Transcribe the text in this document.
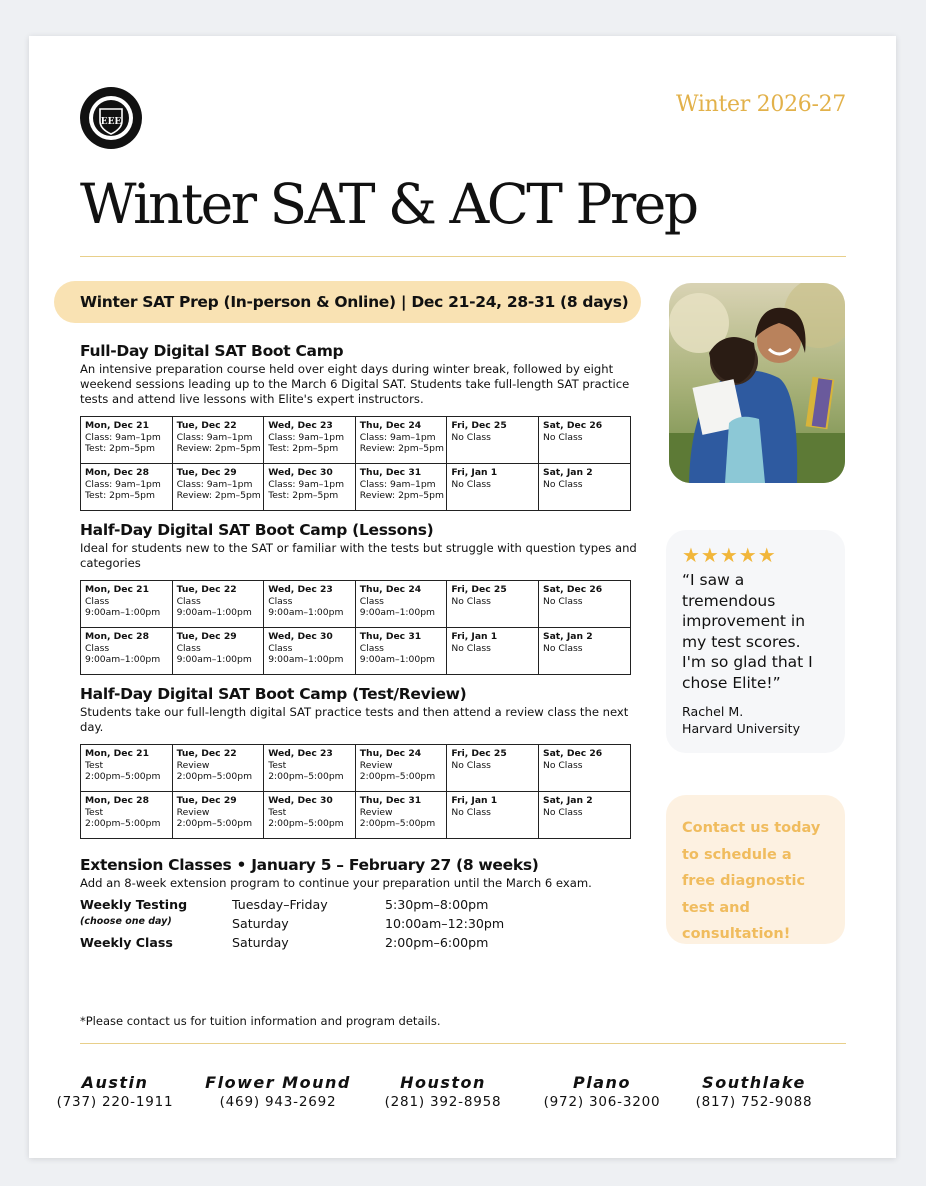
EEE
Winter 2026-27
Winter SAT & ACT Prep
Winter SAT Prep (In-person & Online) | Dec 21-24, 28-31 (8 days)
Full-Day Digital SAT Boot Camp
An intensive preparation course held over eight days during winter break, followed by eight weekend sessions leading up to the March 6 Digital SAT. Students take full-length SAT practice tests and attend live lessons with Elite's expert instructors.
Mon, Dec 21
Class: 9am–1pm
Test: 2pm–5pm	Tue, Dec 22
Class: 9am–1pm
Review: 2pm–5pm	Wed, Dec 23
Class: 9am–1pm
Test: 2pm–5pm	Thu, Dec 24
Class: 9am–1pm
Review: 2pm–5pm	Fri, Dec 25
No Class	Sat, Dec 26
No Class

Mon, Dec 28
Class: 9am–1pm
Test: 2pm–5pm	Tue, Dec 29
Class: 9am–1pm
Review: 2pm–5pm	Wed, Dec 30
Class: 9am–1pm
Test: 2pm–5pm	Thu, Dec 31
Class: 9am–1pm
Review: 2pm–5pm	Fri, Jan 1
No Class	Sat, Jan 2
No Class
Half-Day Digital SAT Boot Camp (Lessons)
Ideal for students new to the SAT or familiar with the tests but struggle with question types and categories
Mon, Dec 21
Class
9:00am–1:00pm	Tue, Dec 22
Class
9:00am–1:00pm	Wed, Dec 23
Class
9:00am–1:00pm	Thu, Dec 24
Class
9:00am–1:00pm	Fri, Dec 25
No Class	Sat, Dec 26
No Class

Mon, Dec 28
Class
9:00am–1:00pm	Tue, Dec 29
Class
9:00am–1:00pm	Wed, Dec 30
Class
9:00am–1:00pm	Thu, Dec 31
Class
9:00am–1:00pm	Fri, Jan 1
No Class	Sat, Jan 2
No Class
Half-Day Digital SAT Boot Camp (Test/Review)
Students take our full-length digital SAT practice tests and then attend a review class the next day.
Mon, Dec 21
Test
2:00pm–5:00pm	Tue, Dec 22
Review
2:00pm–5:00pm	Wed, Dec 23
Test
2:00pm–5:00pm	Thu, Dec 24
Review
2:00pm–5:00pm	Fri, Dec 25
No Class	Sat, Dec 26
No Class

Mon, Dec 28
Test
2:00pm–5:00pm	Tue, Dec 29
Review
2:00pm–5:00pm	Wed, Dec 30
Test
2:00pm–5:00pm	Thu, Dec 31
Review
2:00pm–5:00pm	Fri, Jan 1
No Class	Sat, Jan 2
No Class
Extension Classes • January 5 – February 27 (8 weeks)
Add an 8-week extension program to continue your preparation until the March 6 exam.
Weekly Testing	Tuesday–Friday	5:30pm–8:00pm
(choose one day)	Saturday	10:00am–12:30pm
Weekly Class	Saturday	2:00pm–6:00pm
★★★★★
“I saw a tremendous improvement in my test scores. I'm so glad that I chose Elite!”
Rachel M.
Harvard University
Contact us today to schedule a free diagnostic test and consultation!
*Please contact us for tuition information and program details.
Austin
(737) 220-1911
Flower Mound
(469) 943-2692
Houston
(281) 392-8958
Plano
(972) 306-3200
Southlake
(817) 752-9088
